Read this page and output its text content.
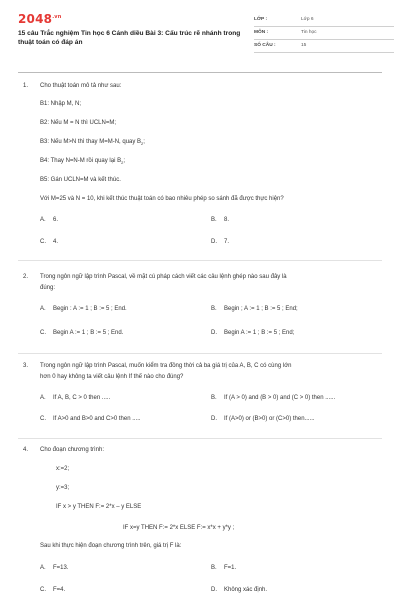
$2048^{.vn}$
15 câu Trắc nghiệm Tin học 6 Cánh diều Bài 3: Cấu trúc rẽ nhánh trong thuật toán có đáp án
LỚP :	Lớp 6
MÔN :	Tin học
SỐ CÂU :	15
1. Cho thuật toán mô tả như sau:
B1: Nhập M, N;
B2: Nếu M = N thì UCLN=M;
B3: Nếu M>N thì thay M=M-N, quay $B_2$;
B4: Thay N=N-M rồi quay lại $B_2$;
B5: Gán UCLN=M và kết thúc.
Với M=25 và N = 10, khi kết thúc thuật toán có bao nhiêu phép so sánh đã được thực hiện?
A. 6.	B. 8.
C. 4.	D. 7.
2. Trong ngôn ngữ lập trình Pascal, về mặt cú pháp cách viết các câu lệnh ghép nào sau đây là
đúng:
A. Begin : A := 1 ; B := 5 ; End.	B. Begin ; A := 1 ; B := 5 ; End;
C. Begin A := 1 ; B := 5 ; End.	D. Begin A := 1 ; B := 5 ; End;
3. Trong ngôn ngữ lập trình Pascal, muốn kiểm tra đồng thời cả ba giá trị của A, B, C có cùng lớn
hơn 0 hay không ta viết câu lệnh If thế nào cho đúng?
A. If A, B, C > 0 then .....	B. If (A > 0) and (B > 0) and (C > 0) then ......
C. If A>0 and B>0 and C>0 then .....	D. If (A>0) or (B>0) or (C>0) then......
4. Cho đoạn chương trình:
x:=2;
y:=3;
IF x > y THEN F:= 2*x – y ELSE
IF x=y THEN F:= 2*x ELSE F:= x*x + y*y ;
Sau khi thực hiện đoạn chương trình trên, giá trị F là:
A. F=13.	B. F=1.
C. F=4.	D. Không xác định.
